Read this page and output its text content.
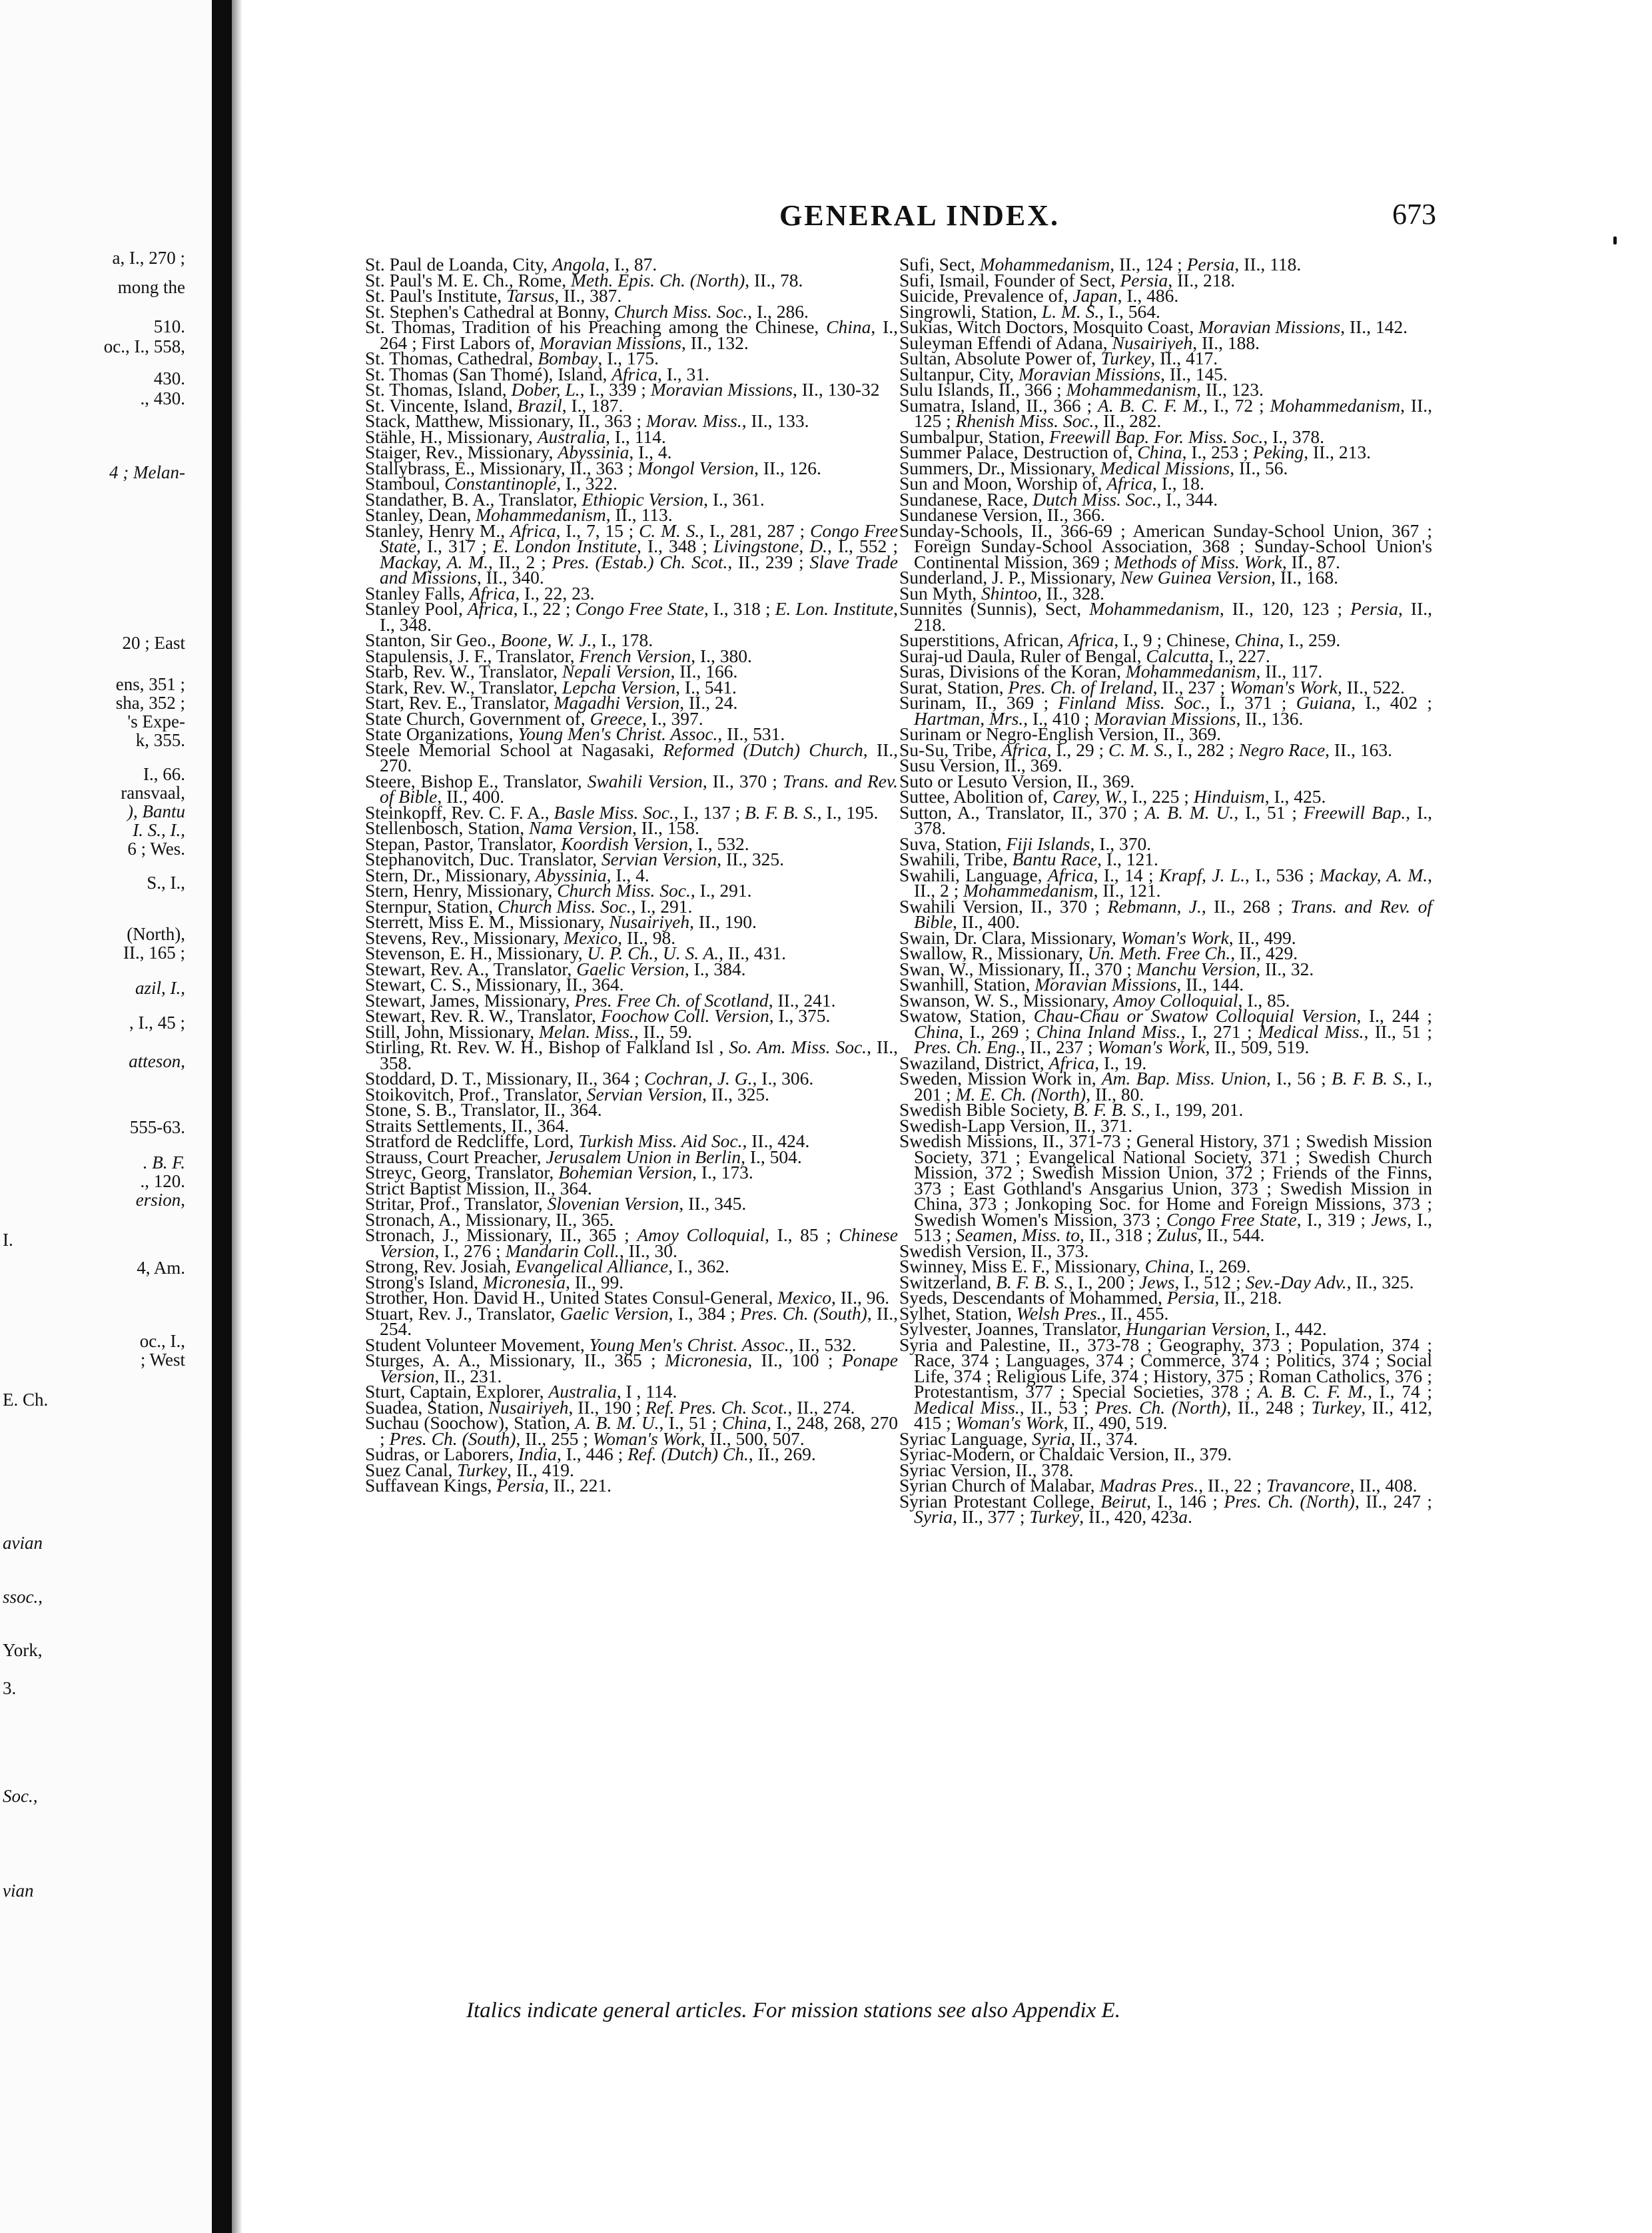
a, I., 270 ;
mong the
510.
oc., I., 558,
430.
., 430.
4 ; Melan-
20 ; East
ens, 351 ;
sha, 352 ;
's Expe-
k, 355.
I., 66.
ransvaal,
), Bantu
I. S., I.,
6 ; Wes.
S., I.,
(North),
II., 165 ;
azil, I.,
, I., 45 ;
atteson,
555-63.
. B. F.
., 120.
ersion,
I.
4, Am.
oc., I.,
; West
E. Ch.
avian
ssoc.,
York,
3.
Soc.,
vian
GENERAL INDEX.	673
St. Paul de Loanda, City, Angola, I., 87.
St. Paul's M. E. Ch., Rome, Meth. Epis. Ch. (North), II., 78.
St. Paul's Institute, Tarsus, II., 387.
St. Stephen's Cathedral at Bonny, Church Miss. Soc., I., 286.
St. Thomas, Tradition of his Preaching among the Chinese, China, I., 264 ; First Labors of, Moravian Missions, II., 132.
St. Thomas, Cathedral, Bombay, I., 175.
St. Thomas (San Thomé), Island, Africa, I., 31.
St. Thomas, Island, Dober, L., I., 339 ; Moravian Missions, II., 130-32
St. Vincente, Island, Brazil, I., 187.
Stack, Matthew, Missionary, II., 363 ; Morav. Miss., II., 133.
Stähle, H., Missionary, Australia, I., 114.
Staiger, Rev., Missionary, Abyssinia, I., 4.
Stallybrass, E., Missionary, II., 363 ; Mongol Version, II., 126.
Stamboul, Constantinople, I., 322.
Standather, B. A., Translator, Ethiopic Version, I., 361.
Stanley, Dean, Mohammedanism, II., 113.
Stanley, Henry M., Africa, I., 7, 15 ; C. M. S., I., 281, 287 ; Congo Free State, I., 317 ; E. London Institute, I., 348 ; Livingstone, D., I., 552 ; Mackay, A. M., II., 2 ; Pres. (Estab.) Ch. Scot., II., 239 ; Slave Trade and Missions, II., 340.
Stanley Falls, Africa, I., 22, 23.
Stanley Pool, Africa, I., 22 ; Congo Free State, I., 318 ; E. Lon. Institute, I., 348.
Stanton, Sir Geo., Boone, W. J., I., 178.
Stapulensis, J. F., Translator, French Version, I., 380.
Starb, Rev. W., Translator, Nepali Version, II., 166.
Stark, Rev. W., Translator, Lepcha Version, I., 541.
Start, Rev. E., Translator, Magadhi Version, II., 24.
State Church, Government of, Greece, I., 397.
State Organizations, Young Men's Christ. Assoc., II., 531.
Steele Memorial School at Nagasaki, Reformed (Dutch) Church, II., 270.
Steere, Bishop E., Translator, Swahili Version, II., 370 ; Trans. and Rev. of Bible, II., 400.
Steinkopff, Rev. C. F. A., Basle Miss. Soc., I., 137 ; B. F. B. S., I., 195.
Stellenbosch, Station, Nama Version, II., 158.
Stepan, Pastor, Translator, Koordish Version, I., 532.
Stephanovitch, Duc. Translator, Servian Version, II., 325.
Stern, Dr., Missionary, Abyssinia, I., 4.
Stern, Henry, Missionary, Church Miss. Soc., I., 291.
Sternpur, Station, Church Miss. Soc., I., 291.
Sterrett, Miss E. M., Missionary, Nusairiyeh, II., 190.
Stevens, Rev., Missionary, Mexico, II., 98.
Stevenson, E. H., Missionary, U. P. Ch., U. S. A., II., 431.
Stewart, Rev. A., Translator, Gaelic Version, I., 384.
Stewart, C. S., Missionary, II., 364.
Stewart, James, Missionary, Pres. Free Ch. of Scotland, II., 241.
Stewart, Rev. R. W., Translator, Foochow Coll. Version, I., 375.
Still, John, Missionary, Melan. Miss., II., 59.
Stirling, Rt. Rev. W. H., Bishop of Falkland Isl , So. Am. Miss. Soc., II., 358.
Stoddard, D. T., Missionary, II., 364 ; Cochran, J. G., I., 306.
Stoikovitch, Prof., Translator, Servian Version, II., 325.
Stone, S. B., Translator, II., 364.
Straits Settlements, II., 364.
Stratford de Redcliffe, Lord, Turkish Miss. Aid Soc., II., 424.
Strauss, Court Preacher, Jerusalem Union in Berlin, I., 504.
Streyc, Georg, Translator, Bohemian Version, I., 173.
Strict Baptist Mission, II., 364.
Stritar, Prof., Translator, Slovenian Version, II., 345.
Stronach, A., Missionary, II., 365.
Stronach, J., Missionary, II., 365 ; Amoy Colloquial, I., 85 ; Chinese Version, I., 276 ; Mandarin Coll., II., 30.
Strong, Rev. Josiah, Evangelical Alliance, I., 362.
Strong's Island, Micronesia, II., 99.
Strother, Hon. David H., United States Consul-General, Mexico, II., 96.
Stuart, Rev. J., Translator, Gaelic Version, I., 384 ; Pres. Ch. (South), II., 254.
Student Volunteer Movement, Young Men's Christ. Assoc., II., 532.
Sturges, A. A., Missionary, II., 365 ; Micronesia, II., 100 ; Ponape Version, II., 231.
Sturt, Captain, Explorer, Australia, I , 114.
Suadea, Station, Nusairiyeh, II., 190 ; Ref. Pres. Ch. Scot., II., 274.
Suchau (Soochow), Station, A. B. M. U., I., 51 ; China, I., 248, 268, 270 ; Pres. Ch. (South), II., 255 ; Woman's Work, II., 500, 507.
Sudras, or Laborers, India, I., 446 ; Ref. (Dutch) Ch., II., 269.
Suez Canal, Turkey, II., 419.
Suffavean Kings, Persia, II., 221.
Sufi, Sect, Mohammedanism, II., 124 ; Persia, II., 118.
Sufi, Ismail, Founder of Sect, Persia, II., 218.
Suicide, Prevalence of, Japan, I., 486.
Singrowli, Station, L. M. S., I., 564.
Sukias, Witch Doctors, Mosquito Coast, Moravian Missions, II., 142.
Suleyman Effendi of Adana, Nusairiyeh, II., 188.
Sultan, Absolute Power of, Turkey, II., 417.
Sultanpur, City, Moravian Missions, II., 145.
Sulu Islands, II., 366 ; Mohammedanism, II., 123.
Sumatra, Island, II., 366 ; A. B. C. F. M., I., 72 ; Mohammedanism, II., 125 ; Rhenish Miss. Soc., II., 282.
Sumbalpur, Station, Freewill Bap. For. Miss. Soc., I., 378.
Summer Palace, Destruction of, China, I., 253 ; Peking, II., 213.
Summers, Dr., Missionary, Medical Missions, II., 56.
Sun and Moon, Worship of, Africa, I., 18.
Sundanese, Race, Dutch Miss. Soc., I., 344.
Sundanese Version, II., 366.
Sunday-Schools, II., 366-69 ; American Sunday-School Union, 367 ; Foreign Sunday-School Association, 368 ; Sunday-School Union's Continental Mission, 369 ; Methods of Miss. Work, II., 87.
Sunderland, J. P., Missionary, New Guinea Version, II., 168.
Sun Myth, Shintoo, II., 328.
Sunnites (Sunnis), Sect, Mohammedanism, II., 120, 123 ; Persia, II., 218.
Superstitions, African, Africa, I., 9 ; Chinese, China, I., 259.
Suraj-ud Daula, Ruler of Bengal, Calcutta, I., 227.
Suras, Divisions of the Koran, Mohammedanism, II., 117.
Surat, Station, Pres. Ch. of Ireland, II., 237 ; Woman's Work, II., 522.
Surinam, II., 369 ; Finland Miss. Soc., I., 371 ; Guiana, I., 402 ; Hartman, Mrs., I., 410 ; Moravian Missions, II., 136.
Surinam or Negro-English Version, II., 369.
Su-Su, Tribe, Africa, I., 29 ; C. M. S., I., 282 ; Negro Race, II., 163.
Susu Version, II., 369.
Suto or Lesuto Version, II., 369.
Suttee, Abolition of, Carey, W., I., 225 ; Hinduism, I., 425.
Sutton, A., Translator, II., 370 ; A. B. M. U., I., 51 ; Freewill Bap., I., 378.
Suva, Station, Fiji Islands, I., 370.
Swahili, Tribe, Bantu Race, I., 121.
Swahili, Language, Africa, I., 14 ; Krapf, J. L., I., 536 ; Mackay, A. M., II., 2 ; Mohammedanism, II., 121.
Swahili Version, II., 370 ; Rebmann, J., II., 268 ; Trans. and Rev. of Bible, II., 400.
Swain, Dr. Clara, Missionary, Woman's Work, II., 499.
Swallow, R., Missionary, Un. Meth. Free Ch., II., 429.
Swan, W., Missionary, II., 370 ; Manchu Version, II., 32.
Swanhill, Station, Moravian Missions, II., 144.
Swanson, W. S., Missionary, Amoy Colloquial, I., 85.
Swatow, Station, Chau-Chau or Swatow Colloquial Version, I., 244 ; China, I., 269 ; China Inland Miss., I., 271 ; Medical Miss., II., 51 ; Pres. Ch. Eng., II., 237 ; Woman's Work, II., 509, 519.
Swaziland, District, Africa, I., 19.
Sweden, Mission Work in, Am. Bap. Miss. Union, I., 56 ; B. F. B. S., I., 201 ; M. E. Ch. (North), II., 80.
Swedish Bible Society, B. F. B. S., I., 199, 201.
Swedish-Lapp Version, II., 371.
Swedish Missions, II., 371-73 ; General History, 371 ; Swedish Mission Society, 371 ; Evangelical National Society, 371 ; Swedish Church Mission, 372 ; Swedish Mission Union, 372 ; Friends of the Finns, 373 ; East Gothland's Ansgarius Union, 373 ; Swedish Mission in China, 373 ; Jonkoping Soc. for Home and Foreign Missions, 373 ; Swedish Women's Mission, 373 ; Congo Free State, I., 319 ; Jews, I., 513 ; Seamen, Miss. to, II., 318 ; Zulus, II., 544.
Swedish Version, II., 373.
Swinney, Miss E. F., Missionary, China, I., 269.
Switzerland, B. F. B. S., I., 200 ; Jews, I., 512 ; Sev.-Day Adv., II., 325.
Syeds, Descendants of Mohammed, Persia, II., 218.
Sylhet, Station, Welsh Pres., II., 455.
Sylvester, Joannes, Translator, Hungarian Version, I., 442.
Syria and Palestine, II., 373-78 ; Geography, 373 ; Population, 374 ; Race, 374 ; Languages, 374 ; Commerce, 374 ; Politics, 374 ; Social Life, 374 ; Religious Life, 374 ; History, 375 ; Roman Catholics, 376 ; Protestantism, 377 ; Special Societies, 378 ; A. B. C. F. M., I., 74 ; Medical Miss., II., 53 ; Pres. Ch. (North), II., 248 ; Turkey, II., 412, 415 ; Woman's Work, II., 490, 519.
Syriac Language, Syria, II., 374.
Syriac-Modern, or Chaldaic Version, II., 379.
Syriac Version, II., 378.
Syrian Church of Malabar, Madras Pres., II., 22 ; Travancore, II., 408.
Syrian Protestant College, Beirut, I., 146 ; Pres. Ch. (North), II., 247 ; Syria, II., 377 ; Turkey, II., 420, 423a.
Italics indicate general articles. For mission stations see also Appendix E.
